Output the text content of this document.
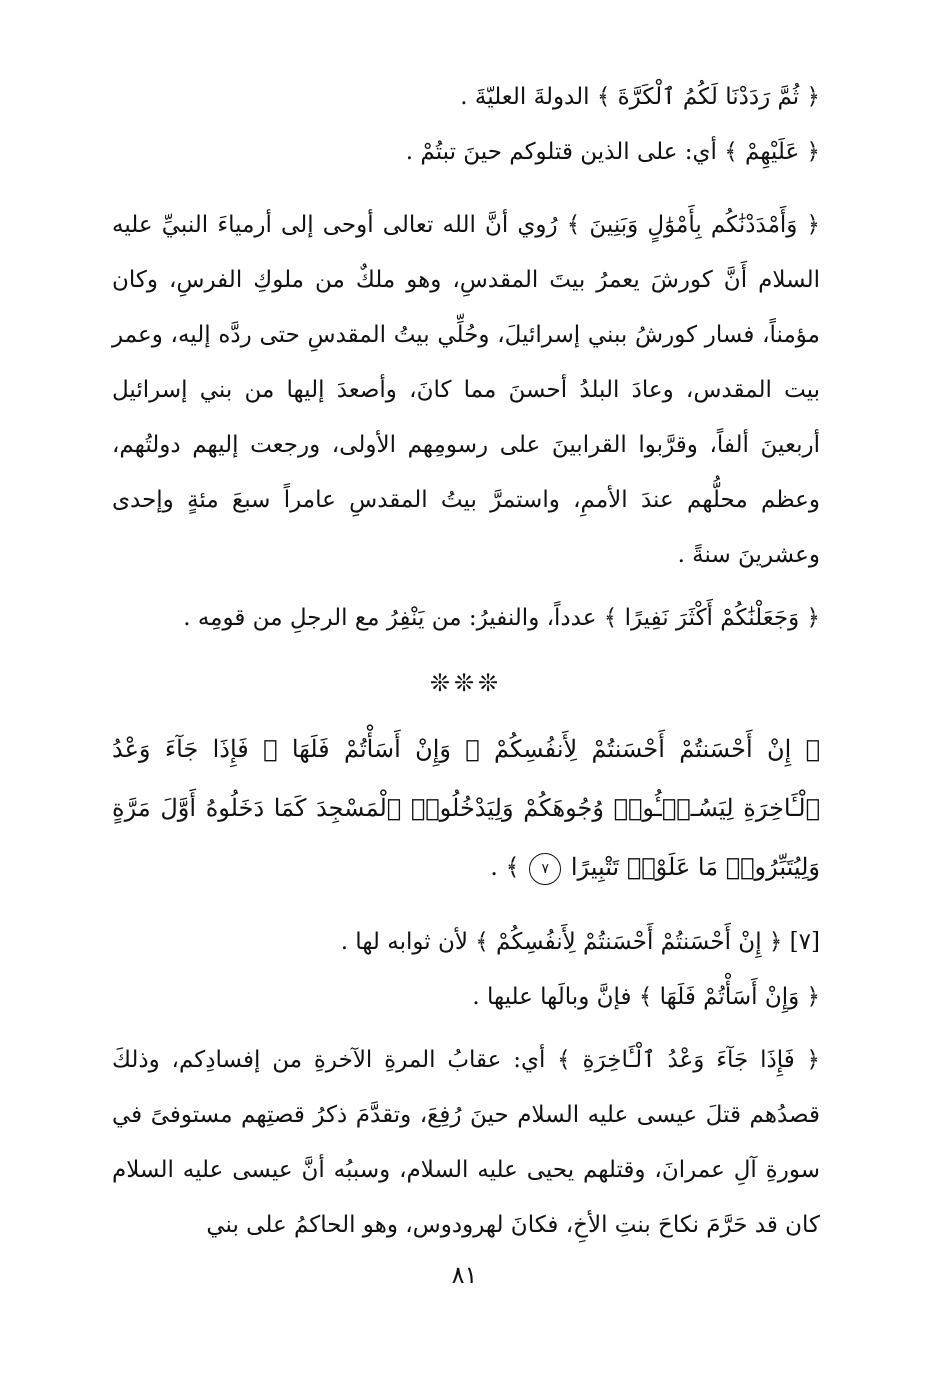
﴿ ثُمَّ رَدَدْنَا لَكُمُ ٱلْكَرَّةَ ﴾ الدولةَ العليّةَ .

﴿ عَلَيْهِمْ ﴾ أي: على الذين قتلوكم حينَ تبتُمْ .

﴿ وَأَمْدَدْنَٰكُم بِأَمْوَٰلٍ وَبَنِينَ ﴾ رُوي أنَّ الله تعالى أوحى إلى أرمياءَ النبيِّ عليه السلام أَنَّ كورشَ يعمرُ بيتَ المقدسِ، وهو ملكٌ من ملوكِ الفرسِ، وكان مؤمناً، فسار كورشُ ببني إسرائيلَ، وحُلِّي بيتُ المقدسِ حتى ردَّه إليه، وعمر بيت المقدس، وعادَ البلدُ أحسنَ مما كانَ، وأصعدَ إليها من بني إسرائيل أربعينَ ألفاً، وقرَّبوا القرابينَ على رسومِهم الأولى، ورجعت إليهم دولتُهم، وعظم محلُّهم عندَ الأممِ، واستمرَّ بيتُ المقدسِ عامراً سبعَ مئةٍ وإحدى وعشرينَ سنةً .

﴿ وَجَعَلْنَٰكُمْ أَكْثَرَ نَفِيرًا ﴾ عدداً، والنفيرُ: من يَنْفِرُ مع الرجلِ من قومِه .

❊❊❊

﴿ إِنْ أَحْسَنتُمْ أَحْسَنتُمْ لِأَنفُسِكُمْ ۖ وَإِنْ أَسَأْتُمْ فَلَهَا ۚ فَإِذَا جَآءَ وَعْدُ ٱلْـَٔاخِرَةِ لِيَسُـۥٓـُٔوا۟ وُجُوهَكُمْ وَلِيَدْخُلُوا۟ ٱلْمَسْجِدَ كَمَا دَخَلُوهُ أَوَّلَ مَرَّةٍ وَلِيُتَبِّرُوا۟ مَا عَلَوْا۟ تَتْبِيرًا ٧ ﴾ .

[٧] ﴿ إِنْ أَحْسَنتُمْ أَحْسَنتُمْ لِأَنفُسِكُمْ ﴾ لأن ثوابه لها .

﴿ وَإِنْ أَسَأْتُمْ فَلَهَا ﴾ فإنَّ وبالَها عليها .

﴿ فَإِذَا جَآءَ وَعْدُ ٱلْـَٔاخِرَةِ ﴾ أي: عقابُ المرةِ الآخرةِ من إفسادِكم، وذلكَ قصدُهم قتلَ عيسى عليه السلام حينَ رُفِعَ، وتقدَّمَ ذكرُ قصتِهم مستوفىً في سورةِ آلِ عمرانَ، وقتلهم يحيى عليه السلام، وسببُه أنَّ عيسى عليه السلام كان قد حَرَّمَ نكاحَ بنتِ الأخِ، فكانَ لهرودوس، وهو الحاكمُ على بني

٨١
